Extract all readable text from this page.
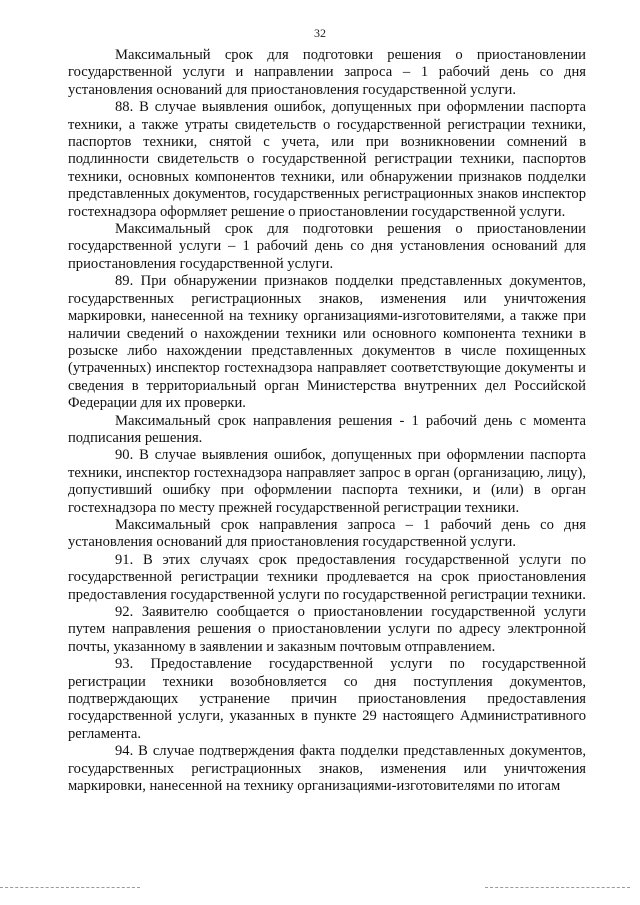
32

Максимальный срок для подготовки решения о приостановлении государственной услуги и направлении запроса – 1 рабочий день со дня установления оснований для приостановления государственной услуги.

88. В случае выявления ошибок, допущенных при оформлении паспорта техники, а также утраты свидетельств о государственной регистрации техники, паспортов техники, снятой с учета, или при возникновении сомнений в подлинности свидетельств о государственной регистрации техники, паспортов техники, основных компонентов техники, или обнаружении признаков подделки представленных документов, государственных регистрационных знаков инспектор гостехнадзора оформляет решение о приостановлении государственной услуги.

Максимальный срок для подготовки решения о приостановлении государственной услуги – 1 рабочий день со дня установления оснований для приостановления государственной услуги.

89. При обнаружении признаков подделки представленных документов, государственных регистрационных знаков, изменения или уничтожения маркировки, нанесенной на технику организациями-изготовителями, а также при наличии сведений о нахождении техники или основного компонента техники в розыске либо нахождении представленных документов в числе похищенных (утраченных) инспектор гостехнадзора направляет соответствующие документы и сведения в территориальный орган Министерства внутренних дел Российской Федерации для их проверки.

Максимальный срок направления решения - 1 рабочий день с момента подписания решения.

90. В случае выявления ошибок, допущенных при оформлении паспорта техники, инспектор гостехнадзора направляет запрос в орган (организацию, лицу), допустивший ошибку при оформлении паспорта техники, и (или) в орган гостехнадзора по месту прежней государственной регистрации техники.

Максимальный срок направления запроса – 1 рабочий день со дня установления оснований для приостановления государственной услуги.

91. В этих случаях срок предоставления государственной услуги по государственной регистрации техники продлевается на срок приостановления предоставления государственной услуги по государственной регистрации техники.

92. Заявителю сообщается о приостановлении государственной услуги путем направления решения о приостановлении услуги по адресу электронной почты, указанному в заявлении и заказным почтовым отправлением.

93. Предоставление государственной услуги по государственной регистрации техники возобновляется со дня поступления документов, подтверждающих устранение причин приостановления предоставления государственной услуги, указанных в пункте 29 настоящего Административного регламента.

94. В случае подтверждения факта подделки представленных документов, государственных регистрационных знаков, изменения или уничтожения маркировки, нанесенной на технику организациями-изготовителями по итогам
